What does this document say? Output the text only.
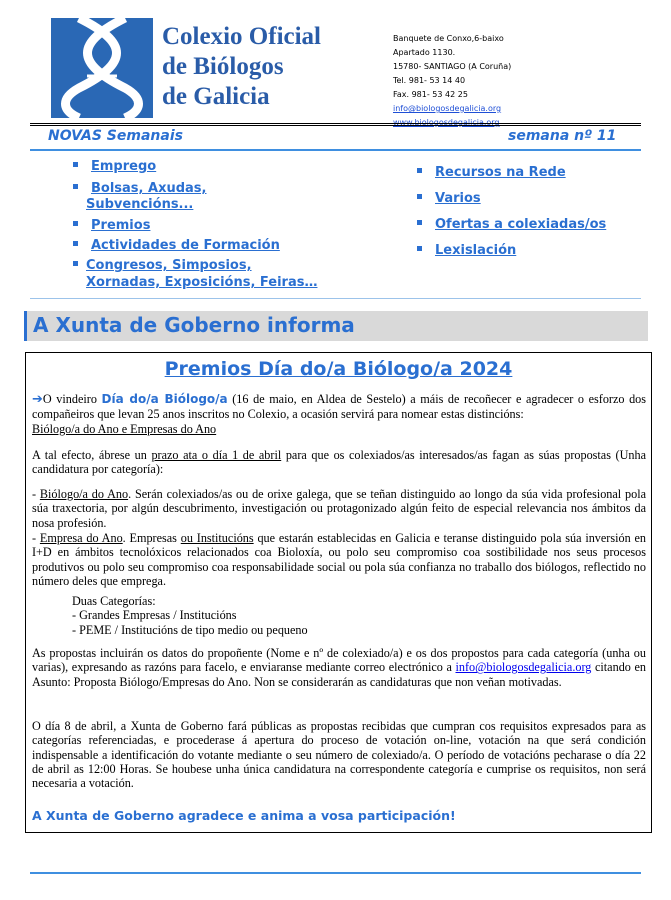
Colexio Oficial
de Biólogos
de Galicia
Banquete de Conxo,6-baixo
Apartado 1130.
15780- SANTIAGO (A Coruña)
Tel. 981- 53 14 40
Fax. 981- 53 42 25
info@biologosdegalicia.org
NOVAS Semanais	semana nº 11
Emprego
Bolsas, Axudas,
Subvencións...
Premios
Actividades de Formación
Congresos, Simposios,
Xornadas, Exposicións, Feiras…
Recursos na Rede
Varios
Ofertas a colexiadas/os
Lexislación
A Xunta de Goberno informa
Premios Día do/a Biólogo/a 2024
➔O vindeiro Día do/a Biólogo/a (16 de maio, en Aldea de Sestelo) a máis de recoñecer e agradecer o esforzo dos compañeiros que levan 25 anos inscritos no Colexio, a ocasión servirá para nomear estas distincións:
Biólogo/a do Ano e Empresas do Ano
A tal efecto, ábrese un prazo ata o día 1 de abril para que os colexiados/as interesados/as fagan as súas propostas (Unha candidatura por categoría):
- Biólogo/a do Ano. Serán colexiados/as ou de orixe galega, que se teñan distinguido ao longo da súa vida profesional pola súa traxectoria, por algún descubrimento, investigación ou protagonizado algún feito de especial relevancia nos ámbitos da nosa profesión.
- Empresa do Ano. Empresas ou Institucións que estarán establecidas en Galicia e teranse distinguido pola súa inversión en I+D en ámbitos tecnolóxicos relacionados coa Bioloxía, ou polo seu compromiso coa sostibilidade nos seus procesos produtivos ou polo seu compromiso coa responsabilidade social ou pola súa confianza no traballo dos biólogos, reflectido no número deles que emprega.
Duas Categorías:
- Grandes Empresas / Institucións
- PEME / Institucións de tipo medio ou pequeno
As propostas incluirán os datos do propoñente (Nome e nº de colexiado/a) e os dos propostos para cada categoría (unha ou varias), expresando as razóns para facelo, e enviaranse mediante correo electrónico a info@biologosdegalicia.org citando en Asunto: Proposta Biólogo/Empresas do Ano. Non se considerarán as candidaturas que non veñan motivadas.
O día 8 de abril, a Xunta de Goberno fará públicas as propostas recibidas que cumpran cos requisitos expresados para as categorías referenciadas, e procederase á apertura do proceso de votación on-line, votación na que será condición indispensable a identificación do votante mediante o seu número de colexiado/a. O período de votacións pecharase o día 22 de abril as 12:00 Horas. Se houbese unha única candidatura na correspondente categoría e cumprise os requisitos, non será necesaria a votación.
A Xunta de Goberno agradece e anima a vosa participación!
